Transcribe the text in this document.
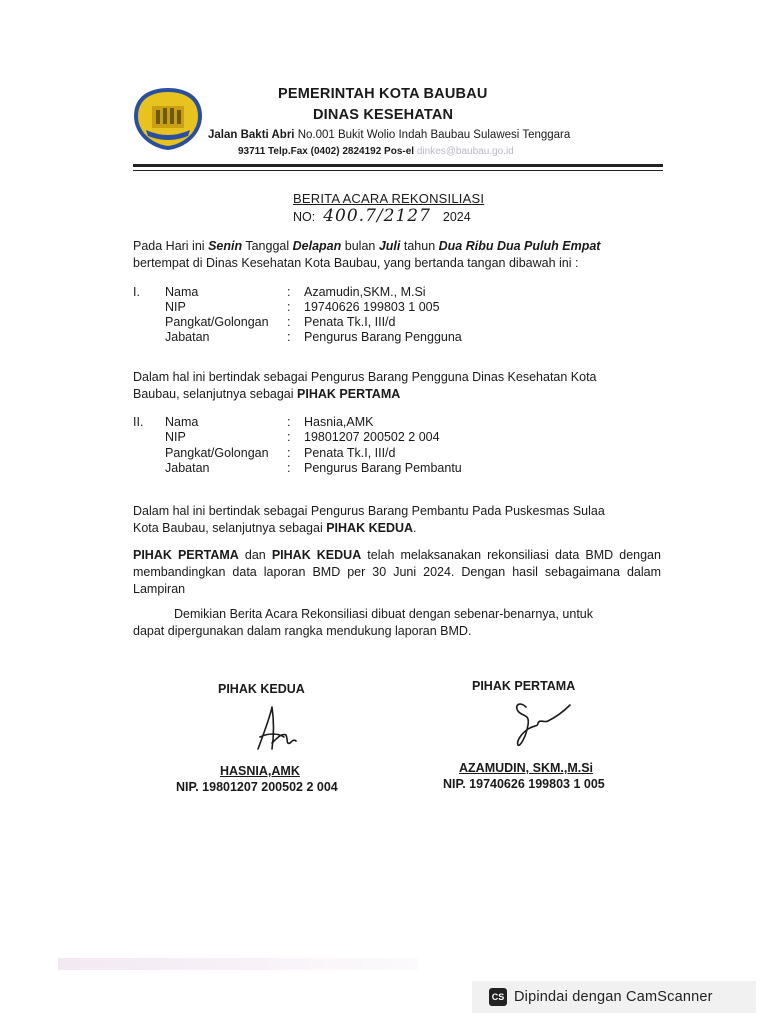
PEMERINTAH KOTA BAUBAU
DINAS KESEHATAN
Jalan Bakti Abri No.001 Bukit Wolio Indah Baubau Sulawesi Tenggara
93711 Telp.Fax (0402) 2824192 Pos-el dinkes@baubau.go.id
BERITA ACARA REKONSILIASI
NO: 400.7/2127 2024
Pada Hari ini Senin Tanggal Delapan bulan Juli tahun Dua Ribu Dua Puluh Empat
bertempat di Dinas Kesehatan Kota Baubau, yang bertanda tangan dibawah ini :
I. Nama	: Azamudin,SKM., M.Si
NIP	: 19740626 199803 1 005
Pangkat/Golongan : Penata Tk.I, III/d
Jabatan	: Pengurus Barang Pengguna
Dalam hal ini bertindak sebagai Pengurus Barang Pengguna Dinas Kesehatan Kota
Baubau, selanjutnya sebagai PIHAK PERTAMA
II. Nama	: Hasnia,AMK
NIP	: 19801207 200502 2 004
Pangkat/Golongan : Penata Tk.I, III/d
Jabatan	: Pengurus Barang Pembantu
Dalam hal ini bertindak sebagai Pengurus Barang Pembantu Pada Puskesmas Sulaa
Kota Baubau, selanjutnya sebagai PIHAK KEDUA.
PIHAK PERTAMA dan PIHAK KEDUA telah melaksanakan rekonsiliasi data BMD dengan membandingkan data laporan BMD per 30 Juni 2024. Dengan hasil sebagaimana dalam Lampiran
Demikian Berita Acara Rekonsiliasi dibuat dengan sebenar-benarnya, untuk
dapat dipergunakan dalam rangka mendukung laporan BMD.
PIHAK KEDUA	PIHAK PERTAMA
HASNIA,AMK	AZAMUDIN, SKM.,M.Si
NIP. 19801207 200502 2 004	NIP. 19740626 199803 1 005
CS Dipindai dengan CamScanner
